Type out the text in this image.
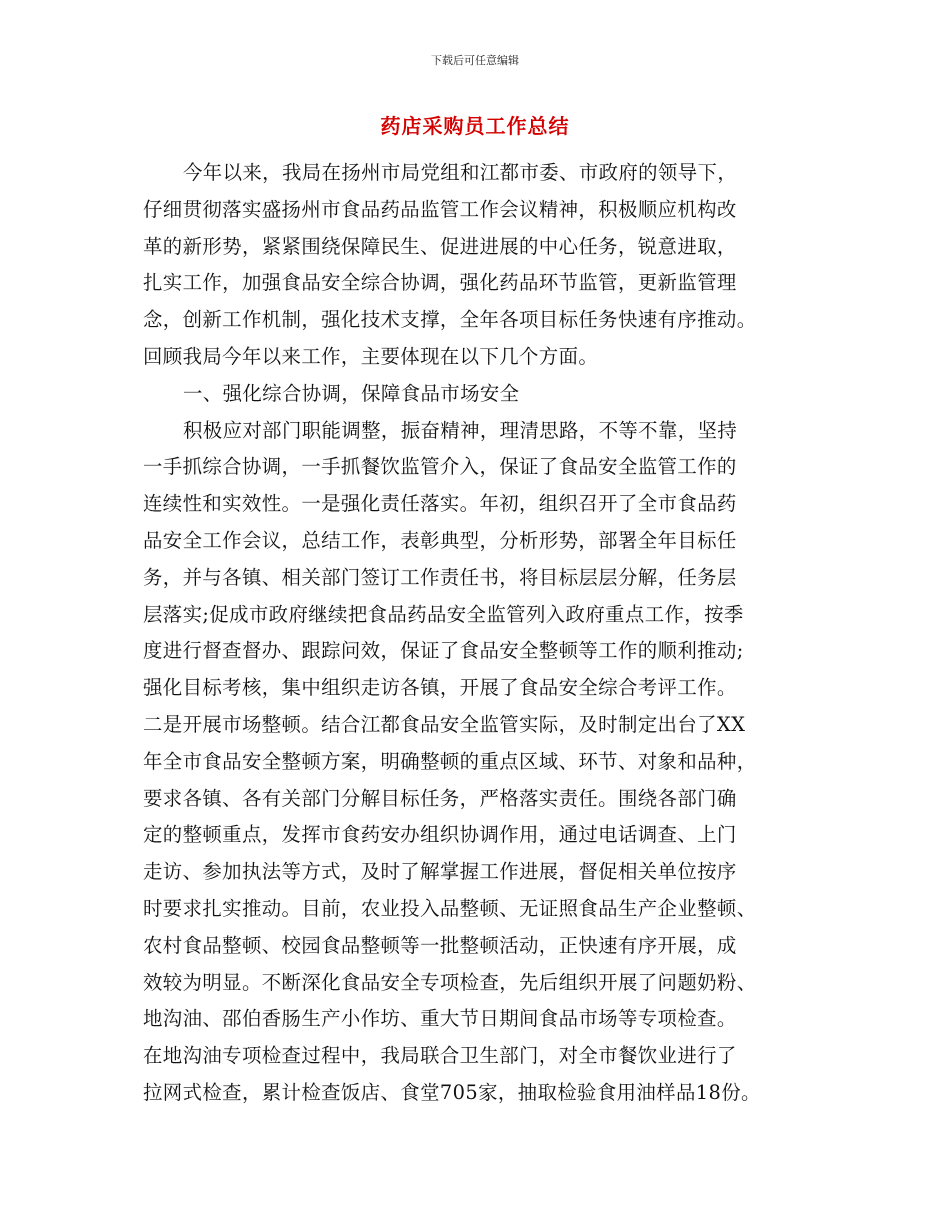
下载后可任意编辑
药店采购员工作总结
今年以来，我局在扬州市局党组和江都市委、市政府的领导下，
仔细贯彻落实盛扬州市食品药品监管工作会议精神，积极顺应机构改
革的新形势，紧紧围绕保障民生、促进进展的中心任务，锐意进取，
扎实工作，加强食品安全综合协调，强化药品环节监管，更新监管理
念，创新工作机制，强化技术支撑，全年各项目标任务快速有序推动。
回顾我局今年以来工作，主要体现在以下几个方面。
一、强化综合协调，保障食品市场安全
积极应对部门职能调整，振奋精神，理清思路，不等不靠，坚持
一手抓综合协调，一手抓餐饮监管介入，保证了食品安全监管工作的
连续性和实效性。一是强化责任落实。年初，组织召开了全市食品药
品安全工作会议，总结工作，表彰典型，分析形势，部署全年目标任
务，并与各镇、相关部门签订工作责任书，将目标层层分解，任务层
层落实;促成市政府继续把食品药品安全监管列入政府重点工作，按季
度进行督查督办、跟踪问效，保证了食品安全整顿等工作的顺利推动;
强化目标考核，集中组织走访各镇，开展了食品安全综合考评工作。
二是开展市场整顿。结合江都食品安全监管实际，及时制定出台了XX
年全市食品安全整顿方案，明确整顿的重点区域、环节、对象和品种，
要求各镇、各有关部门分解目标任务，严格落实责任。围绕各部门确
定的整顿重点，发挥市食药安办组织协调作用，通过电话调查、上门
走访、参加执法等方式，及时了解掌握工作进展，督促相关单位按序
时要求扎实推动。目前，农业投入品整顿、无证照食品生产企业整顿、
农村食品整顿、校园食品整顿等一批整顿活动，正快速有序开展，成
效较为明显。不断深化食品安全专项检查，先后组织开展了问题奶粉、
地沟油、邵伯香肠生产小作坊、重大节日期间食品市场等专项检查。
在地沟油专项检查过程中，我局联合卫生部门，对全市餐饮业进行了
拉网式检查，累计检查饭店、食堂705家，抽取检验食用油样品18份。
